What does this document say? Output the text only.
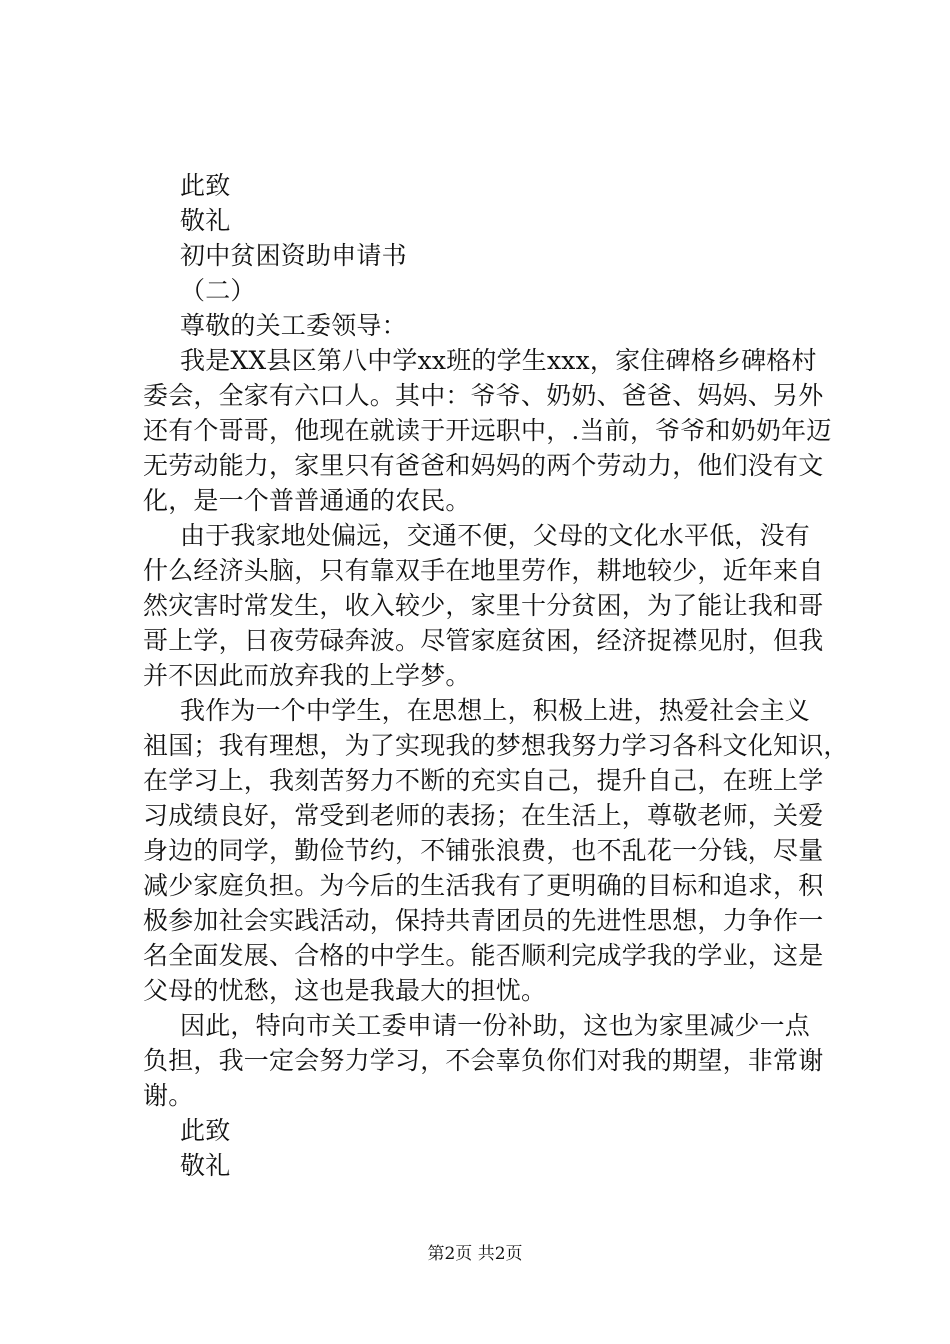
此致
敬礼
初中贫困资助申请书
（二）
尊敬的关工委领导：
我是XX县区第八中学xx班的学生xxx，家住碑格乡碑格村
委会，全家有六口人。其中：爷爷、奶奶、爸爸、妈妈、另外
还有个哥哥，他现在就读于开远职中，.当前，爷爷和奶奶年迈
无劳动能力，家里只有爸爸和妈妈的两个劳动力，他们没有文
化，是一个普普通通的农民。
由于我家地处偏远，交通不便，父母的文化水平低，没有
什么经济头脑，只有靠双手在地里劳作，耕地较少，近年来自
然灾害时常发生，收入较少，家里十分贫困，为了能让我和哥
哥上学，日夜劳碌奔波。尽管家庭贫困，经济捉襟见肘，但我
并不因此而放弃我的上学梦。
我作为一个中学生，在思想上，积极上进，热爱社会主义
祖国；我有理想，为了实现我的梦想我努力学习各科文化知识，
在学习上，我刻苦努力不断的充实自己，提升自己，在班上学
习成绩良好，常受到老师的表扬；在生活上，尊敬老师，关爱
身边的同学，勤俭节约，不铺张浪费，也不乱花一分钱，尽量
减少家庭负担。为今后的生活我有了更明确的目标和追求，积
极参加社会实践活动，保持共青团员的先进性思想，力争作一
名全面发展、合格的中学生。能否顺利完成学我的学业，这是
父母的忧愁，这也是我最大的担忧。
因此，特向市关工委申请一份补助，这也为家里减少一点
负担，我一定会努力学习，不会辜负你们对我的期望，非常谢
谢。
此致
敬礼
第2页 共2页
